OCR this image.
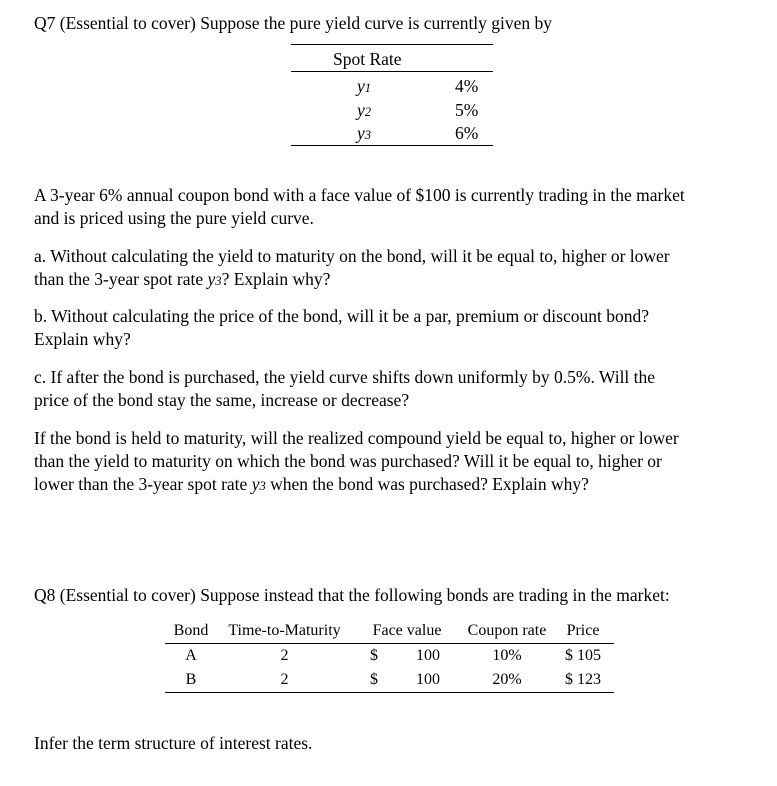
Q7 (Essential to cover) Suppose the pure yield curve is currently given by

Spot Rate
y1	4%
y2	5%
y3	6%

A 3-year 6% annual coupon bond with a face value of $100 is currently trading in the market

and is priced using the pure yield curve.

a. Without calculating the yield to maturity on the bond, will it be equal to, higher or lower

than the 3-year spot rate y3? Explain why?

b. Without calculating the price of the bond, will it be a par, premium or discount bond?

Explain why?

c. If after the bond is purchased, the yield curve shifts down uniformly by 0.5%. Will the

price of the bond stay the same, increase or decrease?

If the bond is held to maturity, will the realized compound yield be equal to, higher or lower

than the yield to maturity on which the bond was purchased? Will it be equal to, higher or

lower than the 3-year spot rate y3 when the bond was purchased? Explain why?

Q8 (Essential to cover) Suppose instead that the following bonds are trading in the market:

Bond	Time-to-Maturity	Face value	Coupon rate	Price
A	2	$ 100	10%	$ 105
B	2	$ 100	20%	$ 123

Infer the term structure of interest rates.
